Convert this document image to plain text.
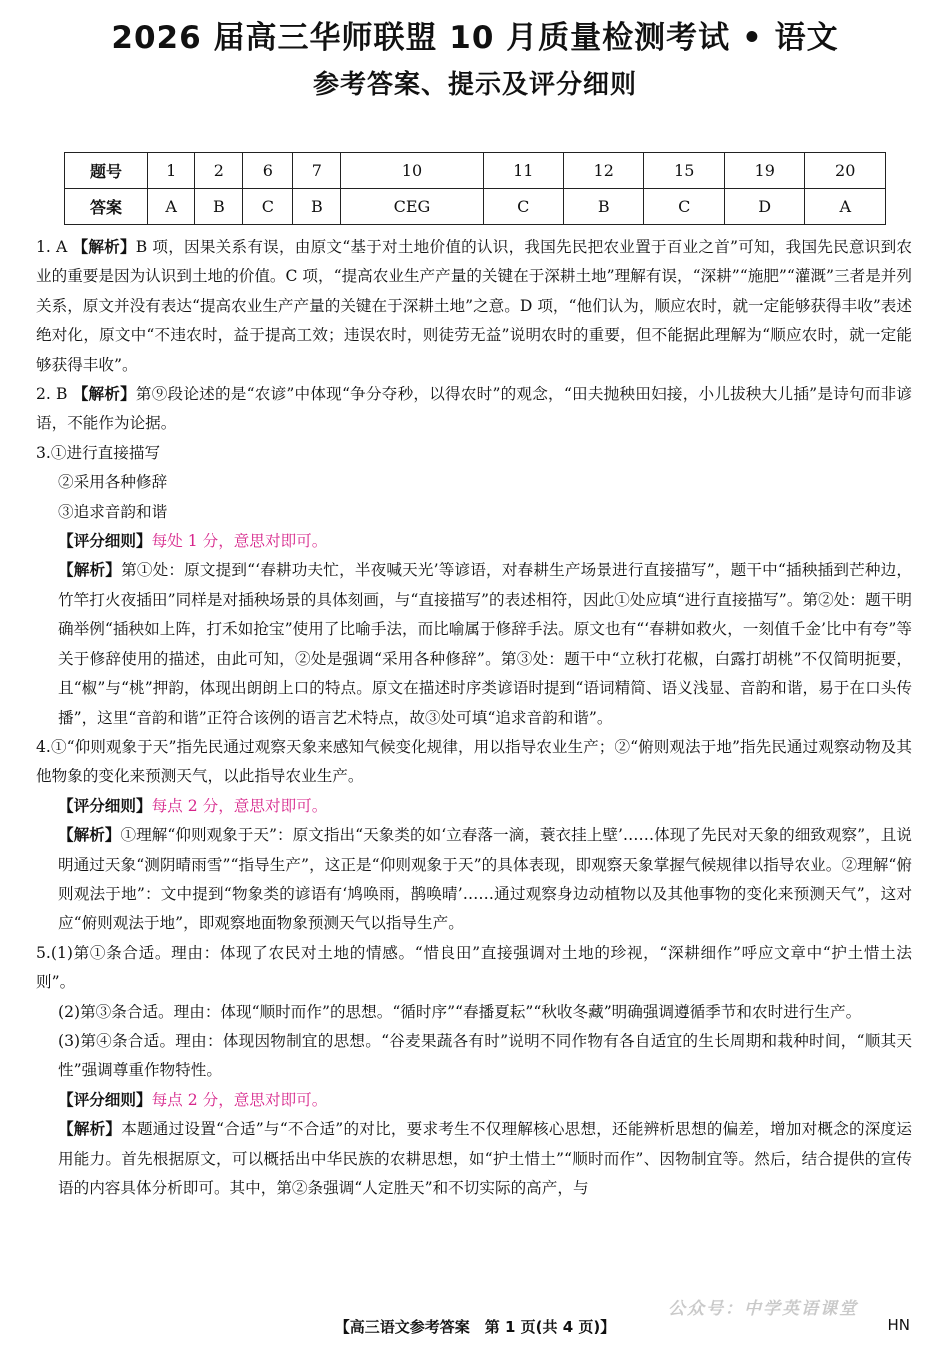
2026 届高三华师联盟 10 月质量检测考试 • 语文
参考答案、提示及评分细则
题号	1	2	6	7	10	11	12	15	19	20
答案	A	B	C	B	CEG	C	B	C	D	A

1. A 【解析】B 项，因果关系有误，由原文“基于对土地价值的认识，我国先民把农业置于百业之首”可知，我国先民意识到农业的重要是因为认识到土地的价值。C 项，“提高农业生产产量的关键在于深耕土地”理解有误，“深耕”“施肥”“灌溉”三者是并列关系，原文并没有表达“提高农业生产产量的关键在于深耕土地”之意。D 项，“他们认为，顺应农时，就一定能够获得丰收”表述绝对化，原文中“不违农时，益于提高工效；违误农时，则徒劳无益”说明农时的重要，但不能据此理解为“顺应农时，就一定能够获得丰收”。

2. B 【解析】第⑨段论述的是“农谚”中体现“争分夺秒，以得农时”的观念，“田夫抛秧田妇接，小儿拔秧大儿插”是诗句而非谚语，不能作为论据。

3.①进行直接描写

②采用各种修辞

③追求音韵和谐

【评分细则】每处 1 分，意思对即可。

【解析】第①处：原文提到“‘春耕功夫忙，半夜喊天光’等谚语，对春耕生产场景进行直接描写”，题干中“插秧插到芒种边，竹竿打火夜插田”同样是对插秧场景的具体刻画，与“直接描写”的表述相符，因此①处应填“进行直接描写”。第②处：题干明确举例“插秧如上阵，打禾如抢宝”使用了比喻手法，而比喻属于修辞手法。原文也有“‘春耕如救火，一刻值千金’比中有夸”等关于修辞使用的描述，由此可知，②处是强调“采用各种修辞”。第③处：题干中“立秋打花椒，白露打胡桃”不仅简明扼要，且“椒”与“桃”押韵，体现出朗朗上口的特点。原文在描述时序类谚语时提到“语词精简、语义浅显、音韵和谐，易于在口头传播”，这里“音韵和谐”正符合该例的语言艺术特点，故③处可填“追求音韵和谐”。

4.①“仰则观象于天”指先民通过观察天象来感知气候变化规律，用以指导农业生产；②“俯则观法于地”指先民通过观察动物及其他物象的变化来预测天气，以此指导农业生产。

【评分细则】每点 2 分，意思对即可。

【解析】①理解“仰则观象于天”：原文指出“天象类的如‘立春落一滴，蓑衣挂上壁’……体现了先民对天象的细致观察”，且说明通过天象“测阴晴雨雪”“指导生产”，这正是“仰则观象于天”的具体表现，即观察天象掌握气候规律以指导农业。②理解“俯则观法于地”：文中提到“物象类的谚语有‘鸠唤雨，鹊唤晴’……通过观察身边动植物以及其他事物的变化来预测天气”，这对应“俯则观法于地”，即观察地面物象预测天气以指导生产。

5.(1)第①条合适。理由：体现了农民对土地的情感。“惜良田”直接强调对土地的珍视，“深耕细作”呼应文章中“护土惜土法则”。

(2)第③条合适。理由：体现“顺时而作”的思想。“循时序”“春播夏耘”“秋收冬藏”明确强调遵循季节和农时进行生产。

(3)第④条合适。理由：体现因物制宜的思想。“谷麦果蔬各有时”说明不同作物有各自适宜的生长周期和栽种时间，“顺其天性”强调尊重作物特性。

【评分细则】每点 2 分，意思对即可。

【解析】本题通过设置“合适”与“不合适”的对比，要求考生不仅理解核心思想，还能辨析思想的偏差，增加对概念的深度运用能力。首先根据原文，可以概括出中华民族的农耕思想，如“护土惜土”“顺时而作”、因物制宜等。然后，结合提供的宣传语的内容具体分析即可。其中，第②条强调“人定胜天”和不切实际的高产，与

公众号：中学英语课堂
【高三语文参考答案　第 1 页(共 4 页)】	HN
